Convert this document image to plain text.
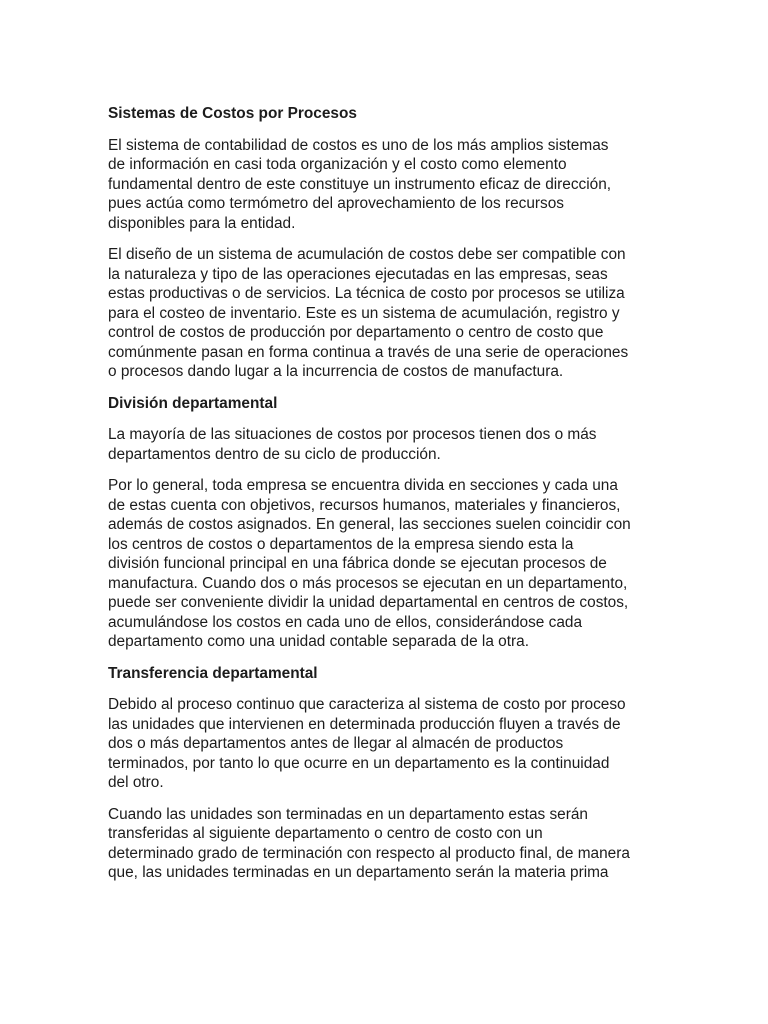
Sistemas de Costos por Procesos

El sistema de contabilidad de costos es uno de los más amplios sistemas
de información en casi toda organización y el costo como elemento
fundamental dentro de este constituye un instrumento eficaz de dirección,
pues actúa como termómetro del aprovechamiento de los recursos
disponibles para la entidad.

El diseño de un sistema de acumulación de costos debe ser compatible con
la naturaleza y tipo de las operaciones ejecutadas en las empresas, seas
estas productivas o de servicios. La técnica de costo por procesos se utiliza
para el costeo de inventario. Este es un sistema de acumulación, registro y
control de costos de producción por departamento o centro de costo que
comúnmente pasan en forma continua a través de una serie de operaciones
o procesos dando lugar a la incurrencia de costos de manufactura.

División departamental

La mayoría de las situaciones de costos por procesos tienen dos o más
departamentos dentro de su ciclo de producción.

Por lo general, toda empresa se encuentra divida en secciones y cada una
de estas cuenta con objetivos, recursos humanos, materiales y financieros,
además de costos asignados. En general, las secciones suelen coincidir con
los centros de costos o departamentos de la empresa siendo esta la
división funcional principal en una fábrica donde se ejecutan procesos de
manufactura. Cuando dos o más procesos se ejecutan en un departamento,
puede ser conveniente dividir la unidad departamental en centros de costos,
acumulándose los costos en cada uno de ellos, considerándose cada
departamento como una unidad contable separada de la otra.

Transferencia departamental

Debido al proceso continuo que caracteriza al sistema de costo por proceso
las unidades que intervienen en determinada producción fluyen a través de
dos o más departamentos antes de llegar al almacén de productos
terminados, por tanto lo que ocurre en un departamento es la continuidad
del otro.

Cuando las unidades son terminadas en un departamento estas serán
transferidas al siguiente departamento o centro de costo con un
determinado grado de terminación con respecto al producto final, de manera
que, las unidades terminadas en un departamento serán la materia prima
